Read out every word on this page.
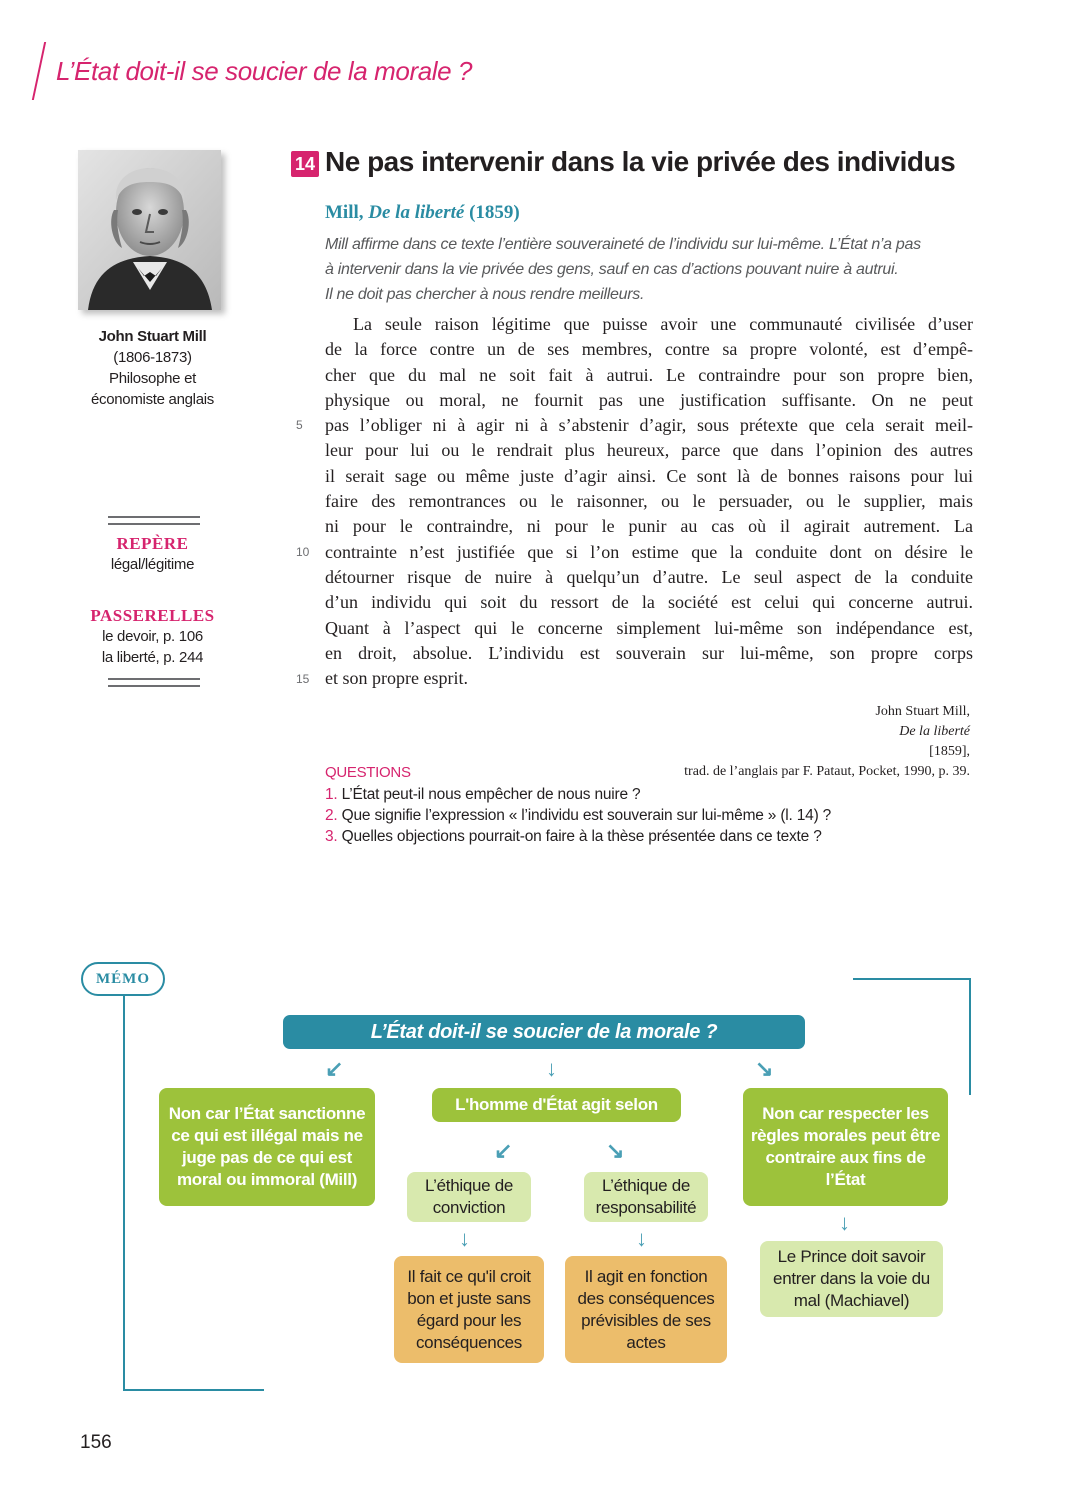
L’État doit-il se soucier de la morale ?
John Stuart Mill
(1806-1873)
Philosophe et
économiste anglais
REPÈRE
légal/légitime
PASSERELLES
le devoir, p. 106
la liberté, p. 244
14 Ne pas intervenir dans la vie privée des individus
Mill, De la liberté (1859)
Mill affirme dans ce texte l’entière souveraineté de l’individu sur lui-même. L’État n’a pas
à intervenir dans la vie privée des gens, sauf en cas d’actions pouvant nuire à autrui.
Il ne doit pas chercher à nous rendre meilleurs.
La seule raison légitime que puisse avoir une communauté civilisée d’user
de la force contre un de ses membres, contre sa propre volonté, est d’empê-
cher que du mal ne soit fait à autrui. Le contraindre pour son propre bien,
physique ou moral, ne fournit pas une justification suffisante. On ne peut
pas l’obliger ni à agir ni à s’abstenir d’agir, sous prétexte que cela serait meil-
leur pour lui ou le rendrait plus heureux, parce que dans l’opinion des autres
il serait sage ou même juste d’agir ainsi. Ce sont là de bonnes raisons pour lui
faire des remontrances ou le raisonner, ou le persuader, ou le supplier, mais
ni pour le contraindre, ni pour le punir au cas où il agirait autrement. La
contrainte n’est justifiée que si l’on estime que la conduite dont on désire le
détourner risque de nuire à quelqu’un d’autre. Le seul aspect de la conduite
d’un individu qui soit du ressort de la société est celui qui concerne autrui.
Quant à l’aspect qui le concerne simplement lui-même son indépendance est,
en droit, absolue. L’individu est souverain sur lui-même, son propre corps
et son propre esprit.
5
10
15
John Stuart Mill,
De la liberté
[1859],
trad. de l’anglais par F. Pataut, Pocket, 1990, p. 39.
QUESTIONS
1. L’État peut-il nous empêcher de nous nuire ?
2. Que signifie l’expression « l’individu est souverain sur lui-même » (l. 14) ?
3. Quelles objections pourrait-on faire à la thèse présentée dans ce texte ?
MÉMO
L’État doit-il se soucier de la morale ?
↙	↓	↘
Non car l’État sanctionne ce qui est illégal mais ne juge pas de ce qui est moral ou immoral (Mill)
L'homme d'État agit selon	Non car respecter les règles morales peut être contraire aux fins de l’État
↙	↘
↓
L’éthique de conviction
L’éthique de responsabilité
↓	↓
Le Prince doit savoir entrer dans la voie du mal (Machiavel)
Il fait ce qu'il croit bon et juste sans égard pour les conséquences
Il agit en fonction des conséquences prévisibles de ses actes
156
